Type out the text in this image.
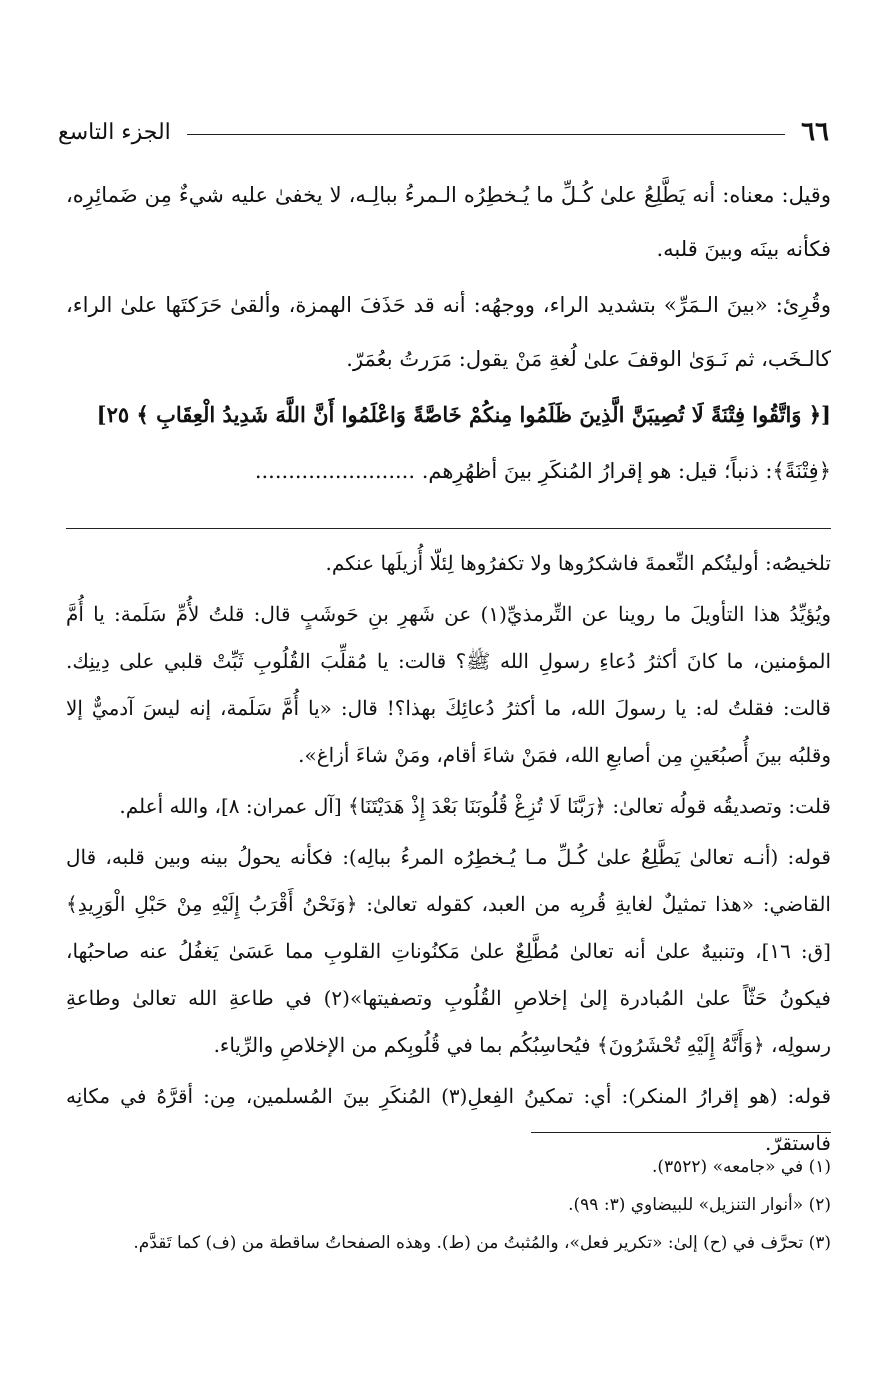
٦٦
الجزء التاسع

وقيل: معناه: أنه يَطَّلِعُ علىٰ كُـلِّ ما يُـخطِرُه الـمرءُ ببالِـه، لا يخفىٰ عليه شيءٌ مِن ضَمائِرِه، فكأنه بينَه وبينَ قلبه.

وقُرِئ: «بينَ الـمَرِّ» بتشديد الراء، ووجهُه: أنه قد حَذَفَ الهمزة، وألقىٰ حَرَكتَها علىٰ الراء، كالـخَب، ثم نَـوَىٰ الوقفَ علىٰ لُغةِ مَنْ يقول: مَرَرتُ بعُمَرّ.

[﴿ وَاتَّقُوا فِتْنَةً لَا تُصِيبَنَّ الَّذِينَ ظَلَمُوا مِنكُمْ خَاصَّةً وَاعْلَمُوا أَنَّ اللَّهَ شَدِيدُ الْعِقَابِ ﴾ ٢٥]

﴿فِتْنَةً﴾: ذنباً؛ قيل: هو إقرارُ المُنكَرِ بينَ أظهُرِهم. ........................

تلخيصُه: أوليتُكم النِّعمةَ فاشكرُوها ولا تكفرُوها لِئلّا أُزيلَها عنكم.

ويُؤيِّدُ هذا التأويلَ ما روينا عن التِّرمذيِّ(١) عن شَهرِ بنِ حَوشَبٍ قال: قلتُ لأُمِّ سَلَمة: يا أُمَّ المؤمنين، ما كانَ أكثرُ دُعاءِ رسولِ الله ﷺ؟ قالت: يا مُقلِّبَ القُلُوبِ ثَبِّتْ قلبي على دِينِك. قالت: فقلتُ له: يا رسولَ الله، ما أكثرُ دُعائِكَ بهذا؟! قال: «يا أُمَّ سَلَمة، إنه ليسَ آدميٌّ إلا وقلبُه بينَ أُصبُعَينِ مِن أصابعِ الله، فمَنْ شاءَ أقام، ومَنْ شاءَ أزاغ».

قلت: وتصديقُه قولُه تعالىٰ: ﴿رَبَّنَا لَا تُزِغْ قُلُوبَنَا بَعْدَ إِذْ هَدَيْتَنَا﴾ [آل عمران: ٨]، والله أعلم.

قوله: (أنـه تعالىٰ يَطَّلِعُ علىٰ كُـلِّ مـا يُـخطِرُه المرءُ ببالِه): فكأنه يحولُ بينه وبين قلبه، قال القاضي: «هذا تمثيلٌ لغايةِ قُربِه من العبد، كقوله تعالىٰ: ﴿وَنَحْنُ أَقْرَبُ إِلَيْهِ مِنْ حَبْلِ الْوَرِيدِ﴾ [ق: ١٦]، وتنبيهٌ علىٰ أنه تعالىٰ مُطَّلِعٌ علىٰ مَكنُوناتِ القلوبِ مما عَسَىٰ يَغفُلُ عنه صاحبُها، فيكونُ حَثّاً علىٰ المُبادرة إلىٰ إخلاصِ القُلُوبِ وتصفيتها»(٢) في طاعةِ الله تعالىٰ وطاعةِ رسولِه، ﴿وَأَنَّهُ إِلَيْهِ تُحْشَرُونَ﴾ فيُحاسِبُكُم بما في قُلُوبِكم من الإخلاصِ والرِّياء.

قوله: (هو إقرارُ المنكر): أي: تمكينُ الفِعلِ(٣) المُنكَرِ بينَ المُسلمين، مِن: أقرَّهُ في مكانِه فاستقرّ.

(١) في «جامعه» (٣٥٢٢).

(٢) «أنوار التنزيل» للبيضاوي (٣: ٩٩).

(٣) تحرَّف في (ح) إلىٰ: «تكرير فعل»، والمُثبتُ من (ط). وهذه الصفحاتُ ساقطة من (ف) كما تَقدَّم.
